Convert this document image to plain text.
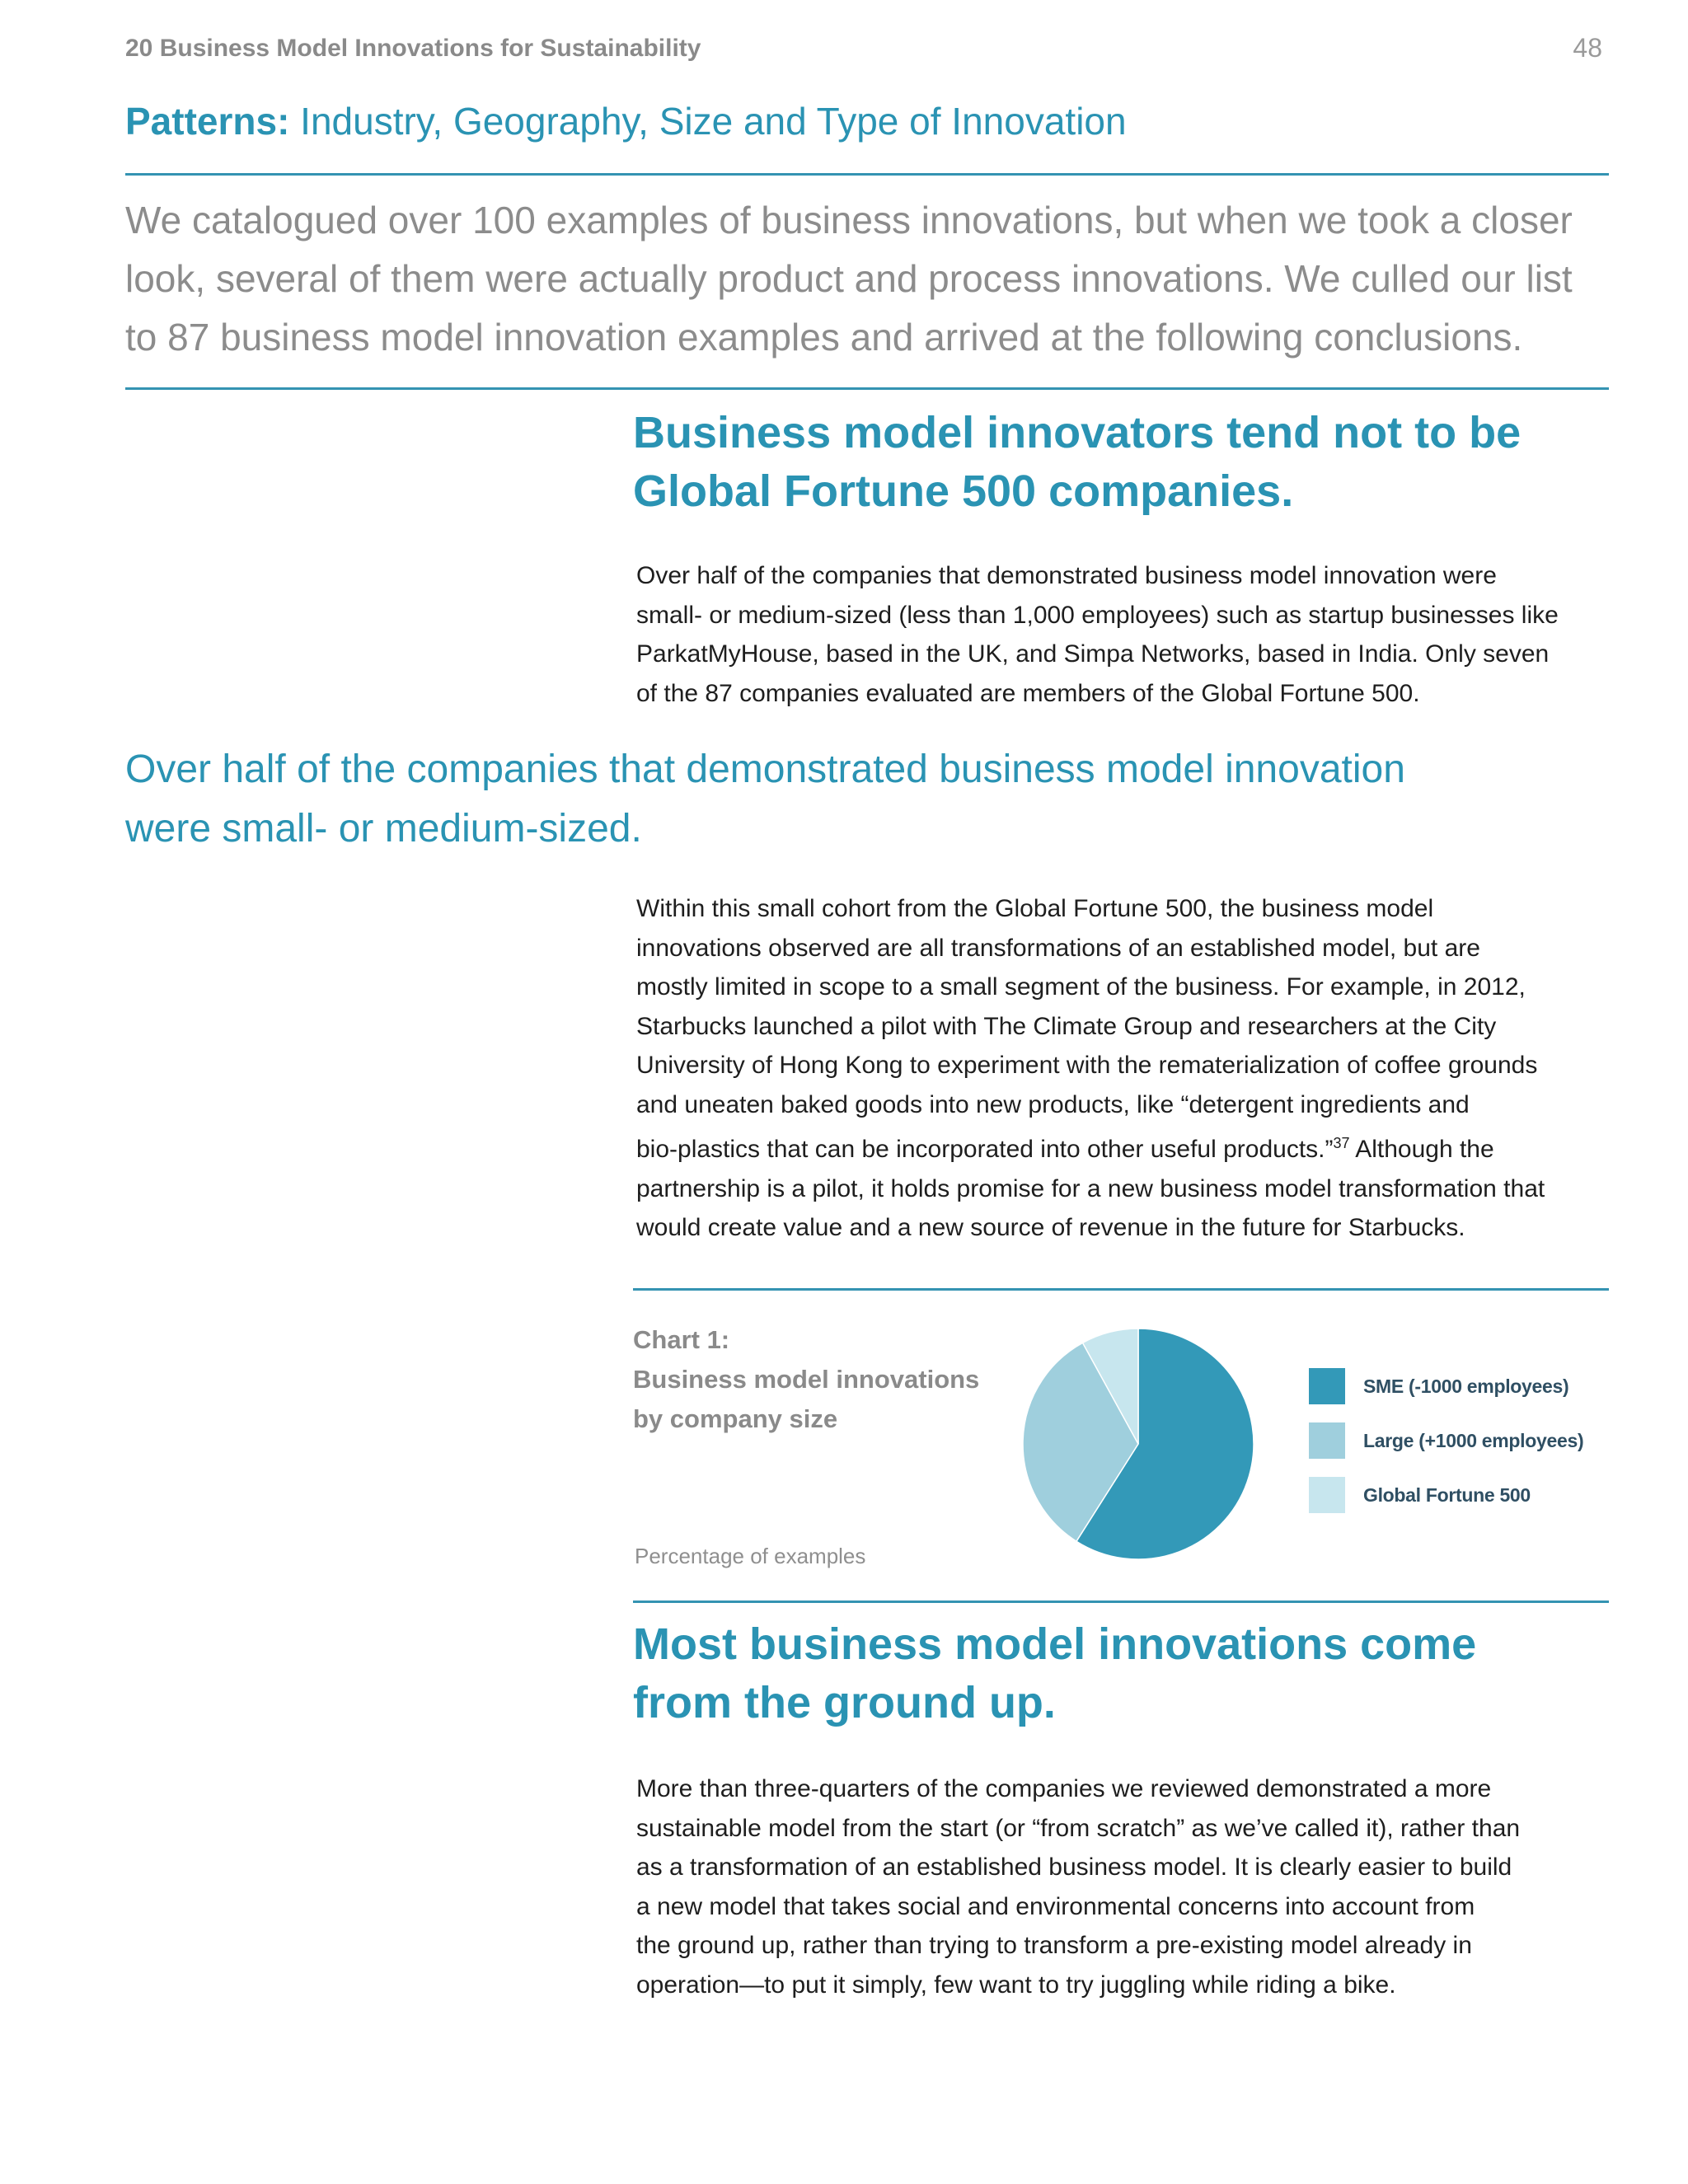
20 Business Model Innovations for Sustainability	48
Patterns: Industry, Geography, Size and Type of Innovation
We catalogued over 100 examples of business innovations, but when we took a closer
look, several of them were actually product and process innovations. We culled our list
to 87 business model innovation examples and arrived at the following conclusions.
Business model innovators tend not to be
Global Fortune 500 companies.
Over half of the companies that demonstrated business model innovation were
small- or medium-sized (less than 1,000 employees) such as startup businesses like
ParkatMyHouse, based in the UK, and Simpa Networks, based in India. Only seven
of the 87 companies evaluated are members of the Global Fortune 500.
Over half of the companies that demonstrated business model innovation
were small- or medium-sized.
Within this small cohort from the Global Fortune 500, the business model
innovations observed are all transformations of an established model, but are
mostly limited in scope to a small segment of the business. For example, in 2012,
Starbucks launched a pilot with The Climate Group and researchers at the City
University of Hong Kong to experiment with the rematerialization of coffee grounds
and uneaten baked goods into new products, like “detergent ingredients and
bio-plastics that can be incorporated into other useful products.”$^{37}$ Although the
partnership is a pilot, it holds promise for a new business model transformation that
would create value and a new source of revenue in the future for Starbucks.
Chart 1:
Business model innovations
by company size
Percentage of examples
SME (-1000 employees)
Large (+1000 employees)
Global Fortune 500
Most business model innovations come
from the ground up.
More than three-quarters of the companies we reviewed demonstrated a more
sustainable model from the start (or “from scratch” as we’ve called it), rather than
as a transformation of an established business model. It is clearly easier to build
a new model that takes social and environmental concerns into account from
the ground up, rather than trying to transform a pre-existing model already in
operation—to put it simply, few want to try juggling while riding a bike.
